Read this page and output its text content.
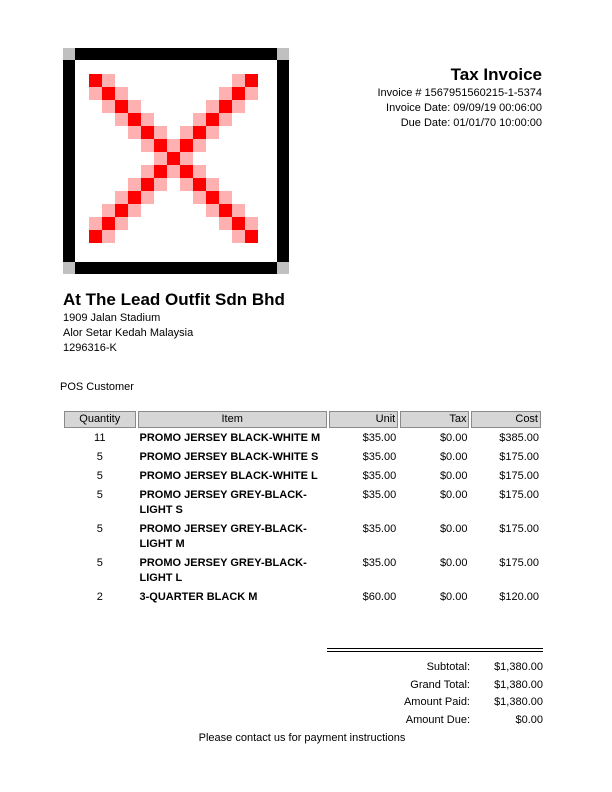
Tax Invoice
Invoice # 1567951560215-1-5374
Invoice Date: 09/09/19 00:06:00
Due Date: 01/01/70 10:00:00
At The Lead Outfit Sdn Bhd
1909 Jalan Stadium
Alor Setar Kedah Malaysia
1296316-K
POS Customer
Quantity	Item	Unit	Tax	Cost
11	PROMO JERSEY BLACK-WHITE M	$35.00	$0.00	$385.00
5	PROMO JERSEY BLACK-WHITE S	$35.00	$0.00	$175.00
5	PROMO JERSEY BLACK-WHITE L	$35.00	$0.00	$175.00
5	PROMO JERSEY GREY-BLACK-LIGHT S	$35.00	$0.00	$175.00
5	PROMO JERSEY GREY-BLACK-LIGHT M	$35.00	$0.00	$175.00
5	PROMO JERSEY GREY-BLACK-LIGHT L	$35.00	$0.00	$175.00
2	3-QUARTER BLACK M	$60.00	$0.00	$120.00
Subtotal:	$1,380.00
Grand Total:	$1,380.00
Amount Paid:	$1,380.00
Amount Due:	$0.00
Please contact us for payment instructions
